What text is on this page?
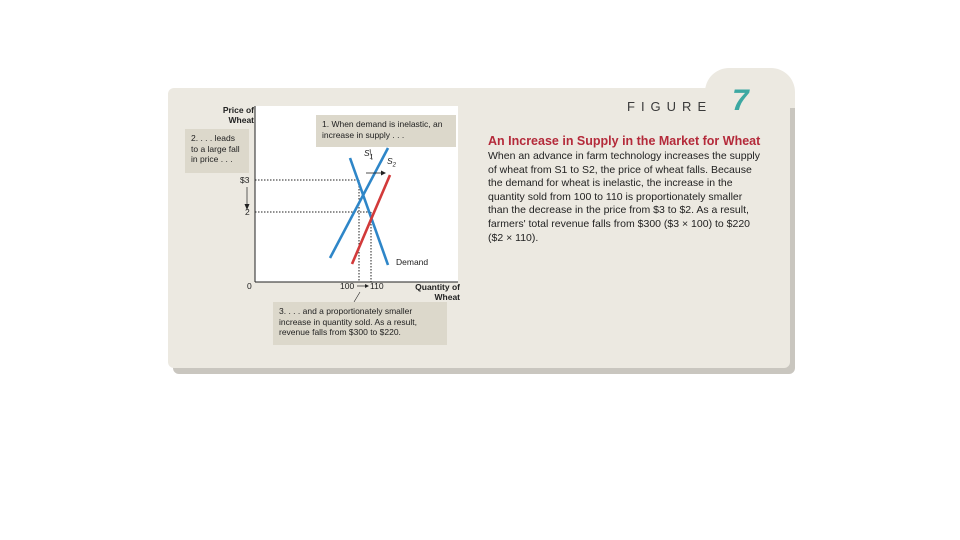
FIGURE 7
An Increase in Supply in the Market for Wheat
When an advance in farm technology increases the supply of wheat from S1 to S2, the price of wheat falls. Because the demand for wheat is inelastic, the increase in the quantity sold from 100 to 110 is proportionately smaller than the decrease in the price from $3 to $2. As a result, farmers' total revenue falls from $300 ($3 × 100) to $220 ($2 × 110).
Price of Wheat
Quantity of Wheat
0
$3
2
100 110
$S_1$ $S_2$
Demand
1. When demand is inelastic, an increase in supply . . .
2. . . . leads to a large fall in price . . .
3. . . . and a proportionately smaller increase in quantity sold. As a result, revenue falls from $300 to $220.
